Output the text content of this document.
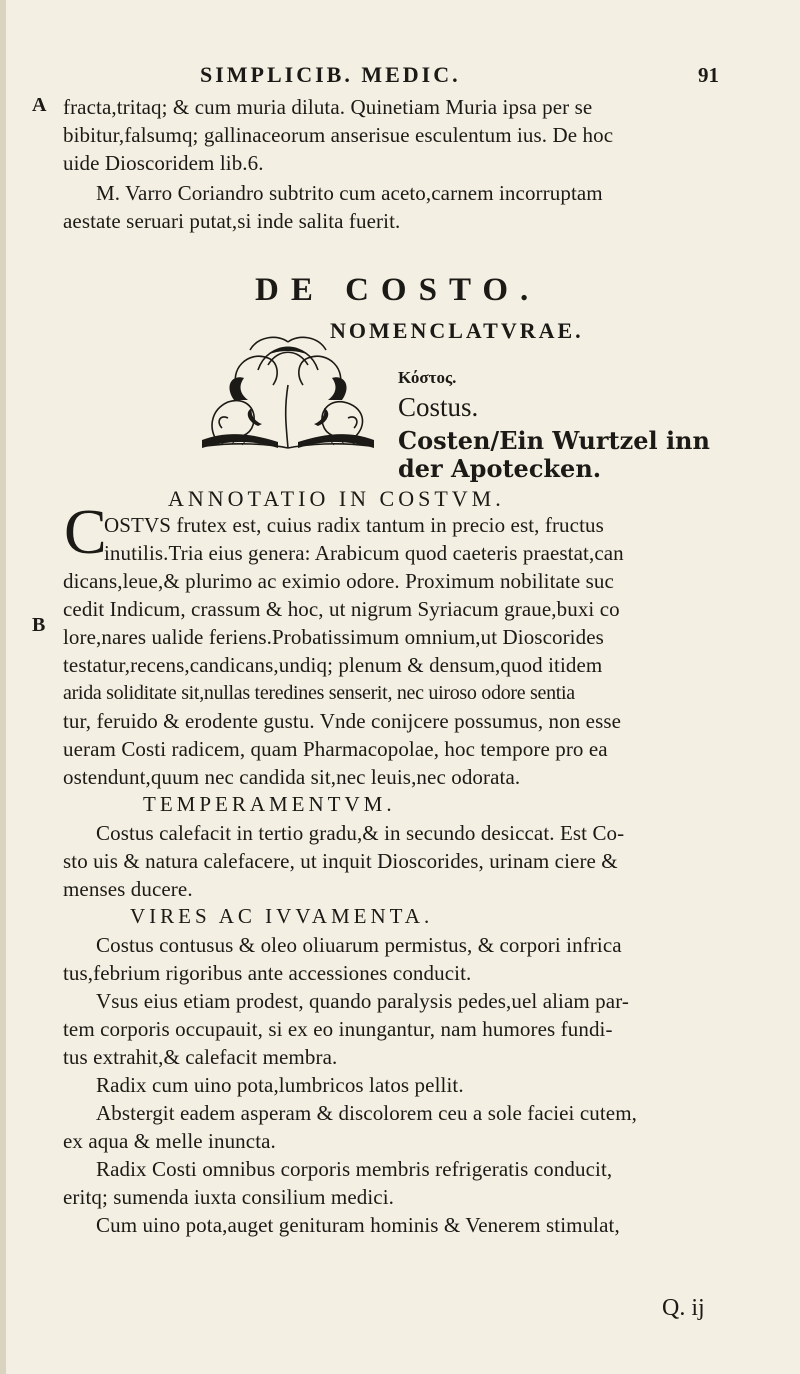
SIMPLICIB. MEDIC.	91
A
B
fracta,tritaq; & cum muria diluta. Quinetiam Muria ipsa per se
bibitur,falsumq; gallinaceorum anserisue esculentum ius. De hoc
uide Dioscoridem lib.6.
M. Varro Coriandro subtrito cum aceto,carnem incorruptam
aestate seruari putat,si inde salita fuerit.
DE COSTO.
NOMENCLATVRAE.
Κόστος.
Costus.
Costen/Ein Wurtzel inn
der Apotecken.
ANNOTATIO IN COSTVM.
C
OSTVS frutex est, cuius radix tantum in precio est, fructus
inutilis.Tria eius genera: Arabicum quod caeteris praestat,can
dicans,leue,& plurimo ac eximio odore. Proximum nobilitate suc
cedit Indicum, crassum & hoc, ut nigrum Syriacum graue,buxi co
lore,nares ualide feriens.Probatissimum omnium,ut Dioscorides
testatur,recens,candicans,undiq; plenum & densum,quod itidem
arida soliditate sit,nullas teredines senserit, nec uiroso odore sentia
tur, feruido & erodente gustu. Vnde conijcere possumus, non esse
ueram Costi radicem, quam Pharmacopolae, hoc tempore pro ea
ostendunt,quum nec candida sit,nec leuis,nec odorata.
TEMPERAMENTVM.
Costus calefacit in tertio gradu,& in secundo desiccat. Est Co-
sto uis & natura calefacere, ut inquit Dioscorides, urinam ciere &
menses ducere.
VIRES AC IVVAMENTA.
Costus contusus & oleo oliuarum permistus, & corpori infrica
tus,febrium rigoribus ante accessiones conducit.
Vsus eius etiam prodest, quando paralysis pedes,uel aliam par-
tem corporis occupauit, si ex eo inungantur, nam humores fundi-
tus extrahit,& calefacit membra.
Radix cum uino pota,lumbricos latos pellit.
Abstergit eadem asperam & discolorem ceu a sole faciei cutem,
ex aqua & melle inuncta.
Radix Costi omnibus corporis membris refrigeratis conducit,
eritq; sumenda iuxta consilium medici.
Cum uino pota,auget genituram hominis & Venerem stimulat,
Q. ij
